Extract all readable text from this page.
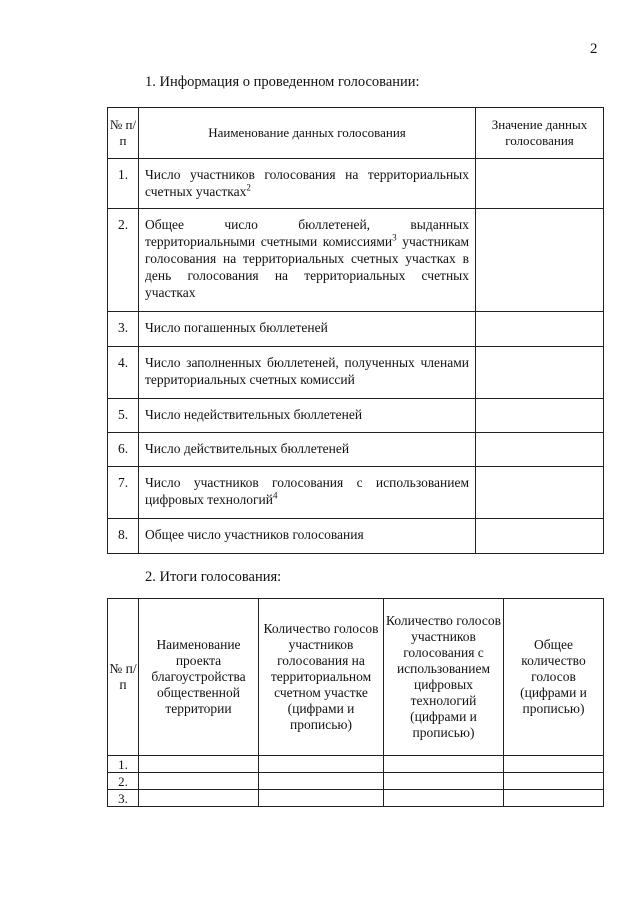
2
1. Информация о проведенном голосовании:
№ п/п	Наименование данных голосования	Значение данных голосования
1.	Число участников голосования на территориальных счетных участках$^2$	
2.	Общее число бюллетеней, выданных территориальными счетными комиссиями$^3$ участникам голосования на территориальных счетных участках в день голосования на территориальных счетных участках	
3.	Число погашенных бюллетеней	
4.	Число заполненных бюллетеней, полученных членами территориальных счетных комиссий	
5.	Число недействительных бюллетеней	
6.	Число действительных бюллетеней	
7.	Число участников голосования с использованием цифровых технологий$^4$	
8.	Общее число участников голосования	
2. Итоги голосования:
№ п/ п	Наименование проекта благоустройства общественной территории	Количество голосов участников голосования на территориальном счетном участке (цифрами и прописью)	Количество голосов участников голосования с использованием цифровых технологий (цифрами и прописью)	Общее количество голосов (цифрами и прописью)
1.				
2.				
3.				
